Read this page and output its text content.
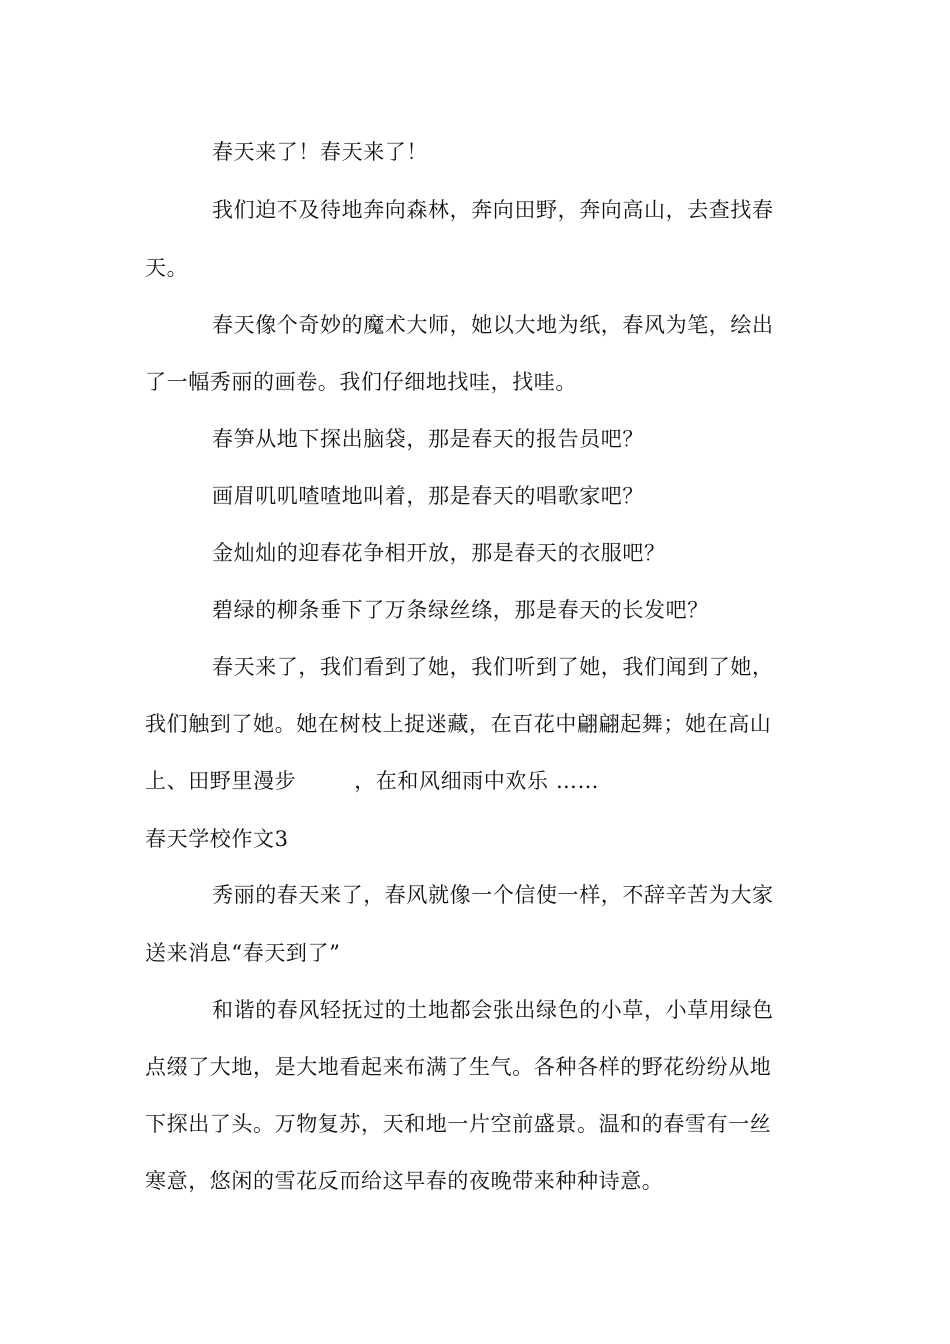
春天来了！春天来了！
我们迫不及待地奔向森林，奔向田野，奔向高山，去查找春
天。
春天像个奇妙的魔术大师，她以大地为纸，春风为笔，绘出
了一幅秀丽的画卷。我们仔细地找哇，找哇。
春笋从地下探出脑袋，那是春天的报告员吧？
画眉叽叽喳喳地叫着，那是春天的唱歌家吧？
金灿灿的迎春花争相开放，那是春天的衣服吧？
碧绿的柳条垂下了万条绿丝绦，那是春天的长发吧？
春天来了，我们看到了她，我们听到了她，我们闻到了她，
我们触到了她。她在树枝上捉迷藏，在百花中翩翩起舞；她在高山
上、田野里漫步	，在和风细雨中欢乐 ……
春天学校作文3
秀丽的春天来了，春风就像一个信使一样，不辞辛苦为大家
送来消息“春天到了”
和谐的春风轻抚过的土地都会张出绿色的小草，小草用绿色
点缀了大地，是大地看起来布满了生气。各种各样的野花纷纷从地
下探出了头。万物复苏，天和地一片空前盛景。温和的春雪有一丝
寒意，悠闲的雪花反而给这早春的夜晚带来种种诗意。
